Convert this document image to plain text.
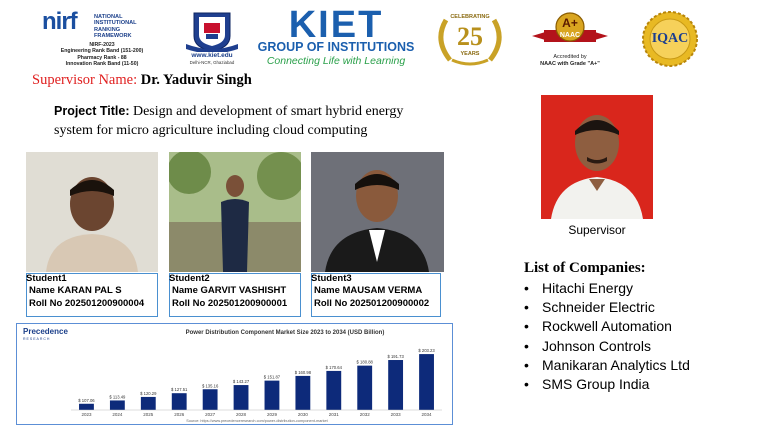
nirf	NATIONAL
INSTITUTIONAL
RANKING
FRAMEWORK
NIRF-2023
Engineering Rank Band (151-200)
Pharmacy Rank - 88
Innovation Rank Band (11-50)
www.kiet.edu
Delhi-NCR, Ghaziabad
KIET
GROUP OF INSTITUTIONS
Connecting Life with Learning
CELEBRATING
25
YEARS
A+
NAAC
Accredited by
NAAC with Grade "A+"
IQAC
Supervisor Name: Dr. Yaduvir Singh
Project Title: Design and development of smart hybrid energy system for micro agriculture including cloud computing
Student1
Name KARAN PAL S
Roll No 202501200900004
Student2
Name GARVIT VASHISHT
Roll No 202501200900001
Student3
Name MAUSAM VERMA
Roll No 202501200900002
Supervisor
List of Companies:
• Hitachi Energy
• Schneider Electric
• Rockwell Automation
• Johnson Controls
• Manikaran Analytics Ltd
• SMS Group India
Precedence
RESEARCH
Power Distribution Component Market Size 2023 to 2034 (USD Billion)
$ 107.06
2023
$ 113.49
2024
$ 120.29
2025
$ 127.51
2026
$ 135.16
2027
$ 143.27
2028
$ 151.87
2029
$ 160.98
2030
$ 170.64
2031
$ 180.88
2032
$ 191.73
2033
$ 203.23
2034
Source: https://www.precedenceresearch.com/power-distribution-component-market
